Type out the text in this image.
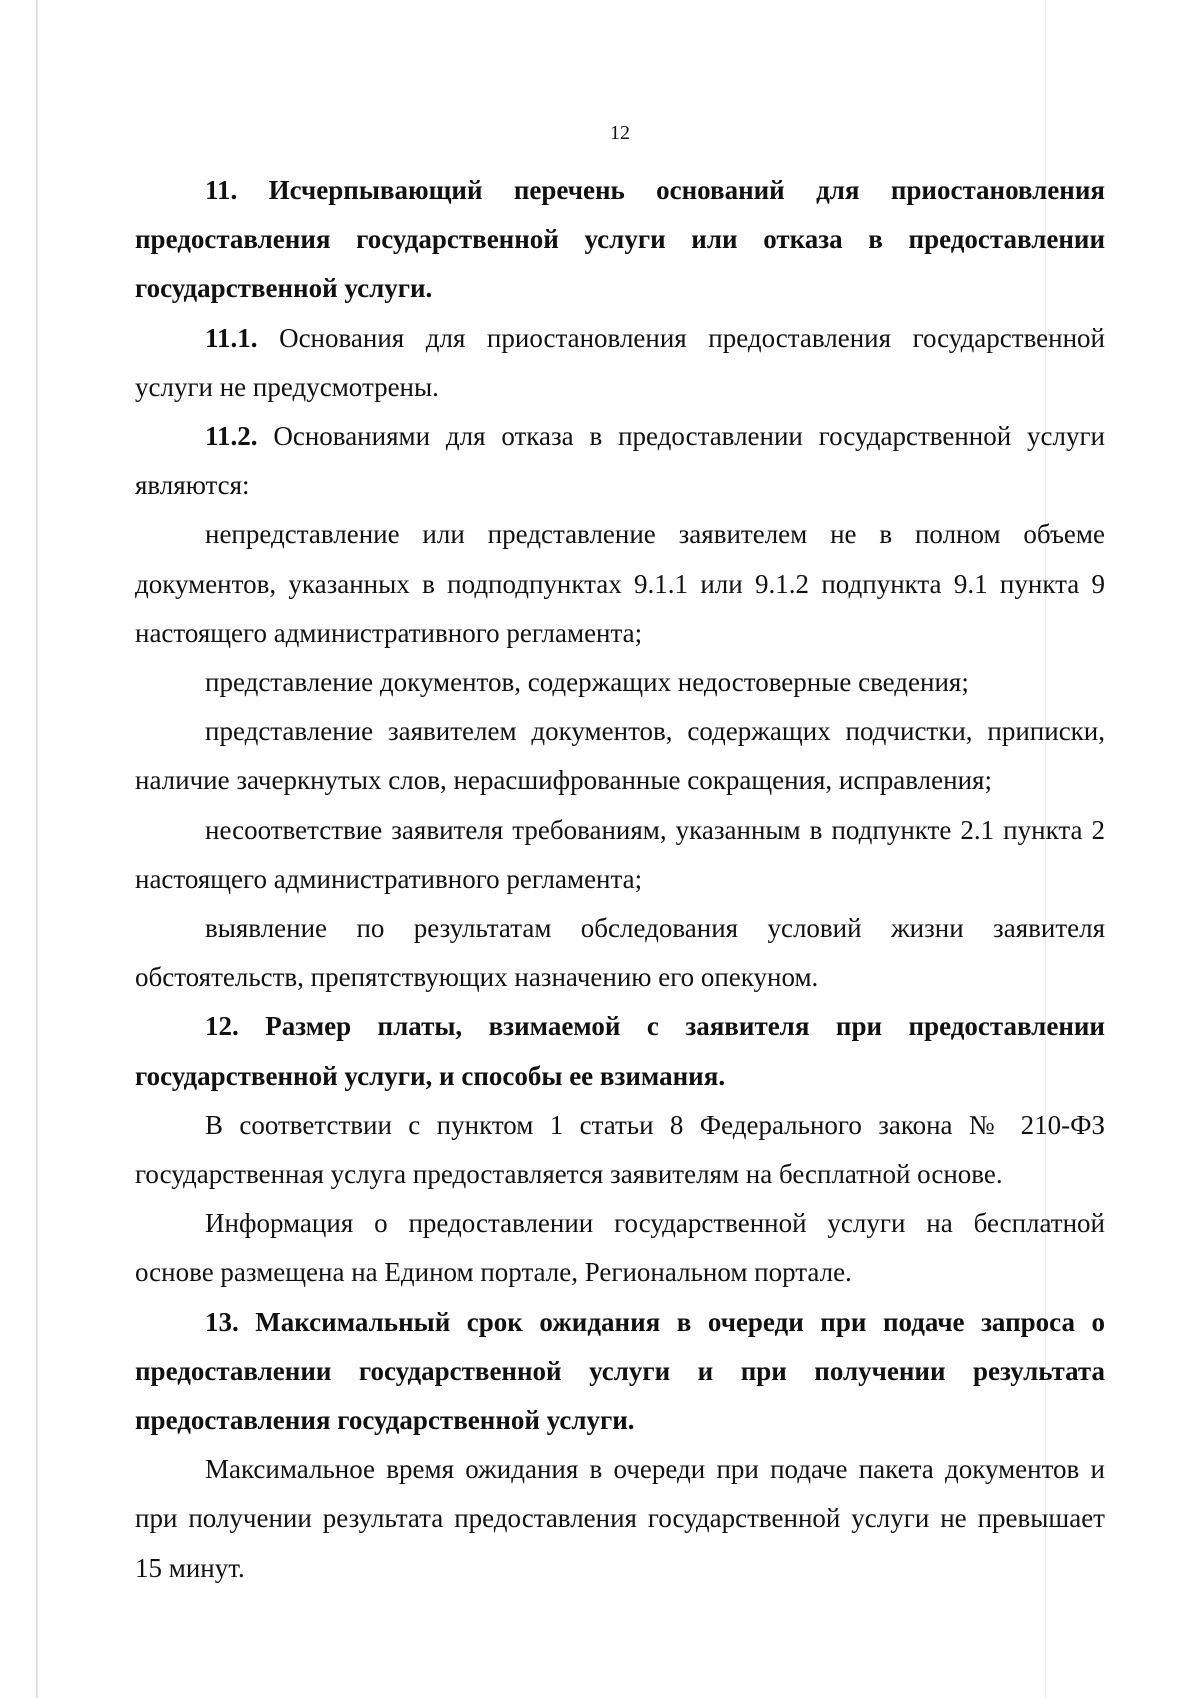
12

11. Исчерпывающий перечень оснований для приостановления предоставления государственной услуги или отказа в предоставлении государственной услуги.

11.1. Основания для приостановления предоставления государственной услуги не предусмотрены.

11.2. Основаниями для отказа в предоставлении государственной услуги являются:

непредставление или представление заявителем не в полном объеме документов, указанных в подподпунктах 9.1.1 или 9.1.2 подпункта 9.1 пункта 9 настоящего административного регламента;

представление документов, содержащих недостоверные сведения;

представление заявителем документов, содержащих подчистки, приписки, наличие зачеркнутых слов, нерасшифрованные сокращения, исправления;

несоответствие заявителя требованиям, указанным в подпункте 2.1 пункта 2 настоящего административного регламента;

выявление по результатам обследования условий жизни заявителя обстоятельств, препятствующих назначению его опекуном.

12. Размер платы, взимаемой с заявителя при предоставлении государственной услуги, и способы ее взимания.

В соответствии с пунктом 1 статьи 8 Федерального закона № 210-ФЗ государственная услуга предоставляется заявителям на бесплатной основе.

Информация о предоставлении государственной услуги на бесплатной основе размещена на Едином портале, Региональном портале.

13. Максимальный срок ожидания в очереди при подаче запроса о предоставлении государственной услуги и при получении результата предоставления государственной услуги.

Максимальное время ожидания в очереди при подаче пакета документов и при получении результата предоставления государственной услуги не превышает 15 минут.
